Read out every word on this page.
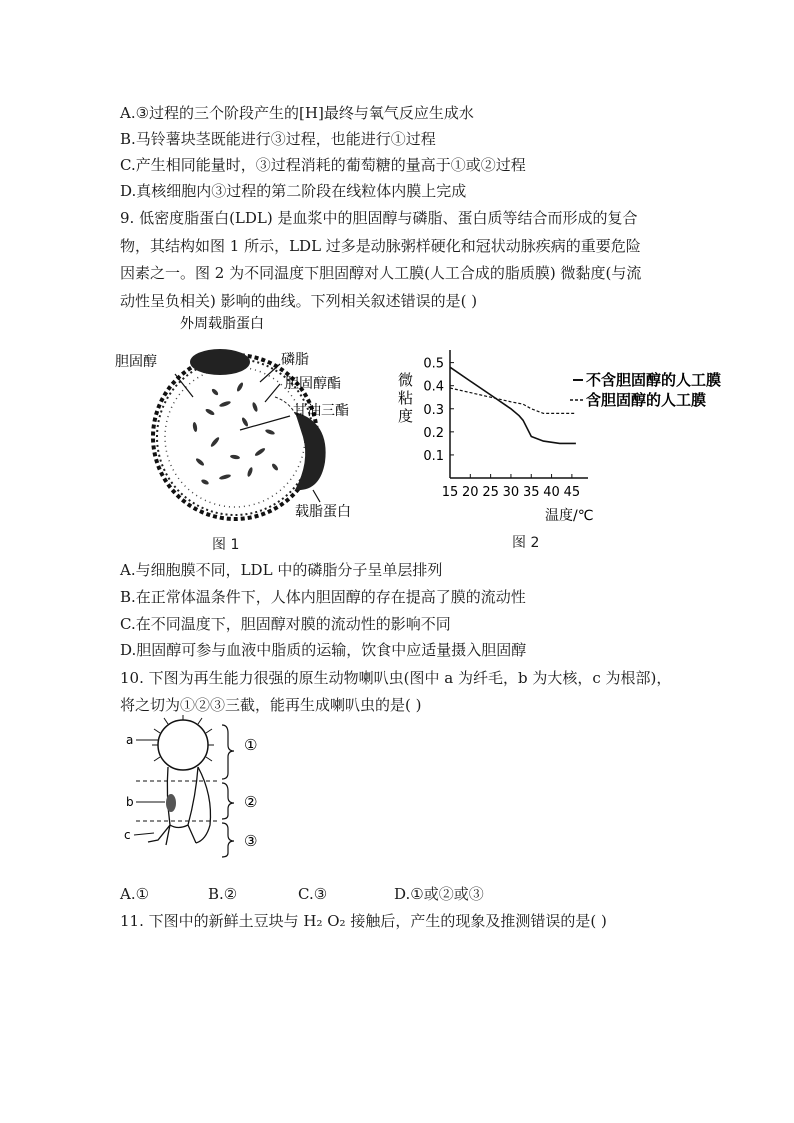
A.③过程的三个阶段产生的[H]最终与氧气反应生成水
B.马铃薯块茎既能进行③过程，也能进行①过程
C.产生相同能量时，③过程消耗的葡萄糖的量高于①或②过程
D.真核细胞内③过程的第二阶段在线粒体内膜上完成
9. 低密度脂蛋白(LDL) 是血浆中的胆固醇与磷脂、蛋白质等结合而形成的复合
物，其结构如图 1 所示，LDL 过多是动脉粥样硬化和冠状动脉疾病的重要危险
因素之一。图 2 为不同温度下胆固醇对人工膜(人工合成的脂质膜) 微黏度(与流
动性呈负相关) 影响的曲线。下列相关叙述错误的是( )
外周载脂蛋白
胆固醇	磷脂
胆固醇酯
甘油三酯
载脂蛋白
图 1
0.1
0.2
0.3
0.4
0.5
15 20 25 30 35 40 45
微
粘
度
温度/℃
不含胆固醇的人工膜
含胆固醇的人工膜
图 2
A.与细胞膜不同，LDL 中的磷脂分子呈单层排列
B.在正常体温条件下，人体内胆固醇的存在提高了膜的流动性
C.在不同温度下，胆固醇对膜的流动性的影响不同
D.胆固醇可参与血液中脂质的运输，饮食中应适量摄入胆固醇
10. 下图为再生能力很强的原生动物喇叭虫(图中 a 为纤毛，b 为大核，c 为根部)，
将之切为①②③三截，能再生成喇叭虫的是( )
a
b
c
①
②
③
A.①	B.②	C.③	D.①或②或③
11. 下图中的新鲜土豆块与 H₂ O₂ 接触后，产生的现象及推测错误的是( )
